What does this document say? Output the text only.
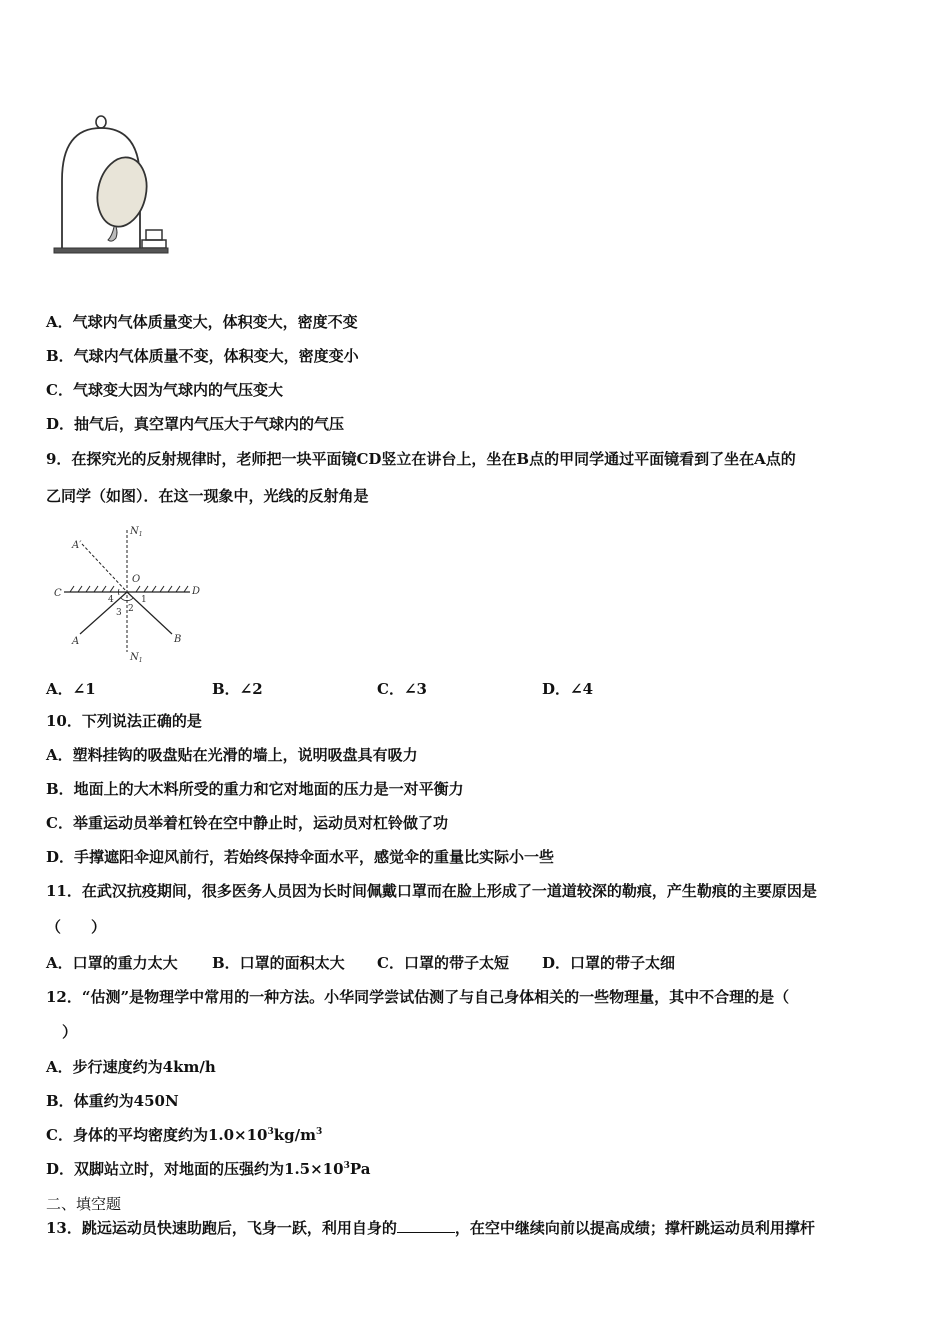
A．气球内气体质量变大，体积变大，密度不变
B．气球内气体质量不变，体积变大，密度变小
C．气球变大因为气球内的气压变大
D．抽气后，真空罩内气压大于气球内的气压
9．在探究光的反射规律时，老师把一块平面镜CD竖立在讲台上，坐在B点的甲同学通过平面镜看到了坐在A点的
乙同学（如图）．在这一现象中，光线的反射角是
$N_1$
$N_1$
A′
A	B
C	D
O
1
2
3
4
A．∠1	B．∠2	C．∠3	D．∠4
10．下列说法正确的是
A．塑料挂钩的吸盘贴在光滑的墙上，说明吸盘具有吸力
B．地面上的大木料所受的重力和它对地面的压力是一对平衡力
C．举重运动员举着杠铃在空中静止时，运动员对杠铃做了功
D．手撑遮阳伞迎风前行，若始终保持伞面水平，感觉伞的重量比实际小一些
11．在武汉抗疫期间，很多医务人员因为长时间佩戴口罩而在脸上形成了一道道较深的勒痕，产生勒痕的主要原因是
（　　）
A．口罩的重力太大 B．口罩的面积太大 C．口罩的带子太短 D．口罩的带子太细
12．“估测”是物理学中常用的一种方法。小华同学尝试估测了与自己身体相关的一些物理量，其中不合理的是（
）
A．步行速度约为4km/h
B．体重约为450N
C．身体的平均密度约为$1.0\times 10^3kg/m^3$
D．双脚站立时，对地面的压强约为$1.5\times 10^3Pa$
二、填空题
13．跳远运动员快速助跑后，飞身一跃，利用自身的	，在空中继续向前以提高成绩；撑杆跳运动员利用撑杆
